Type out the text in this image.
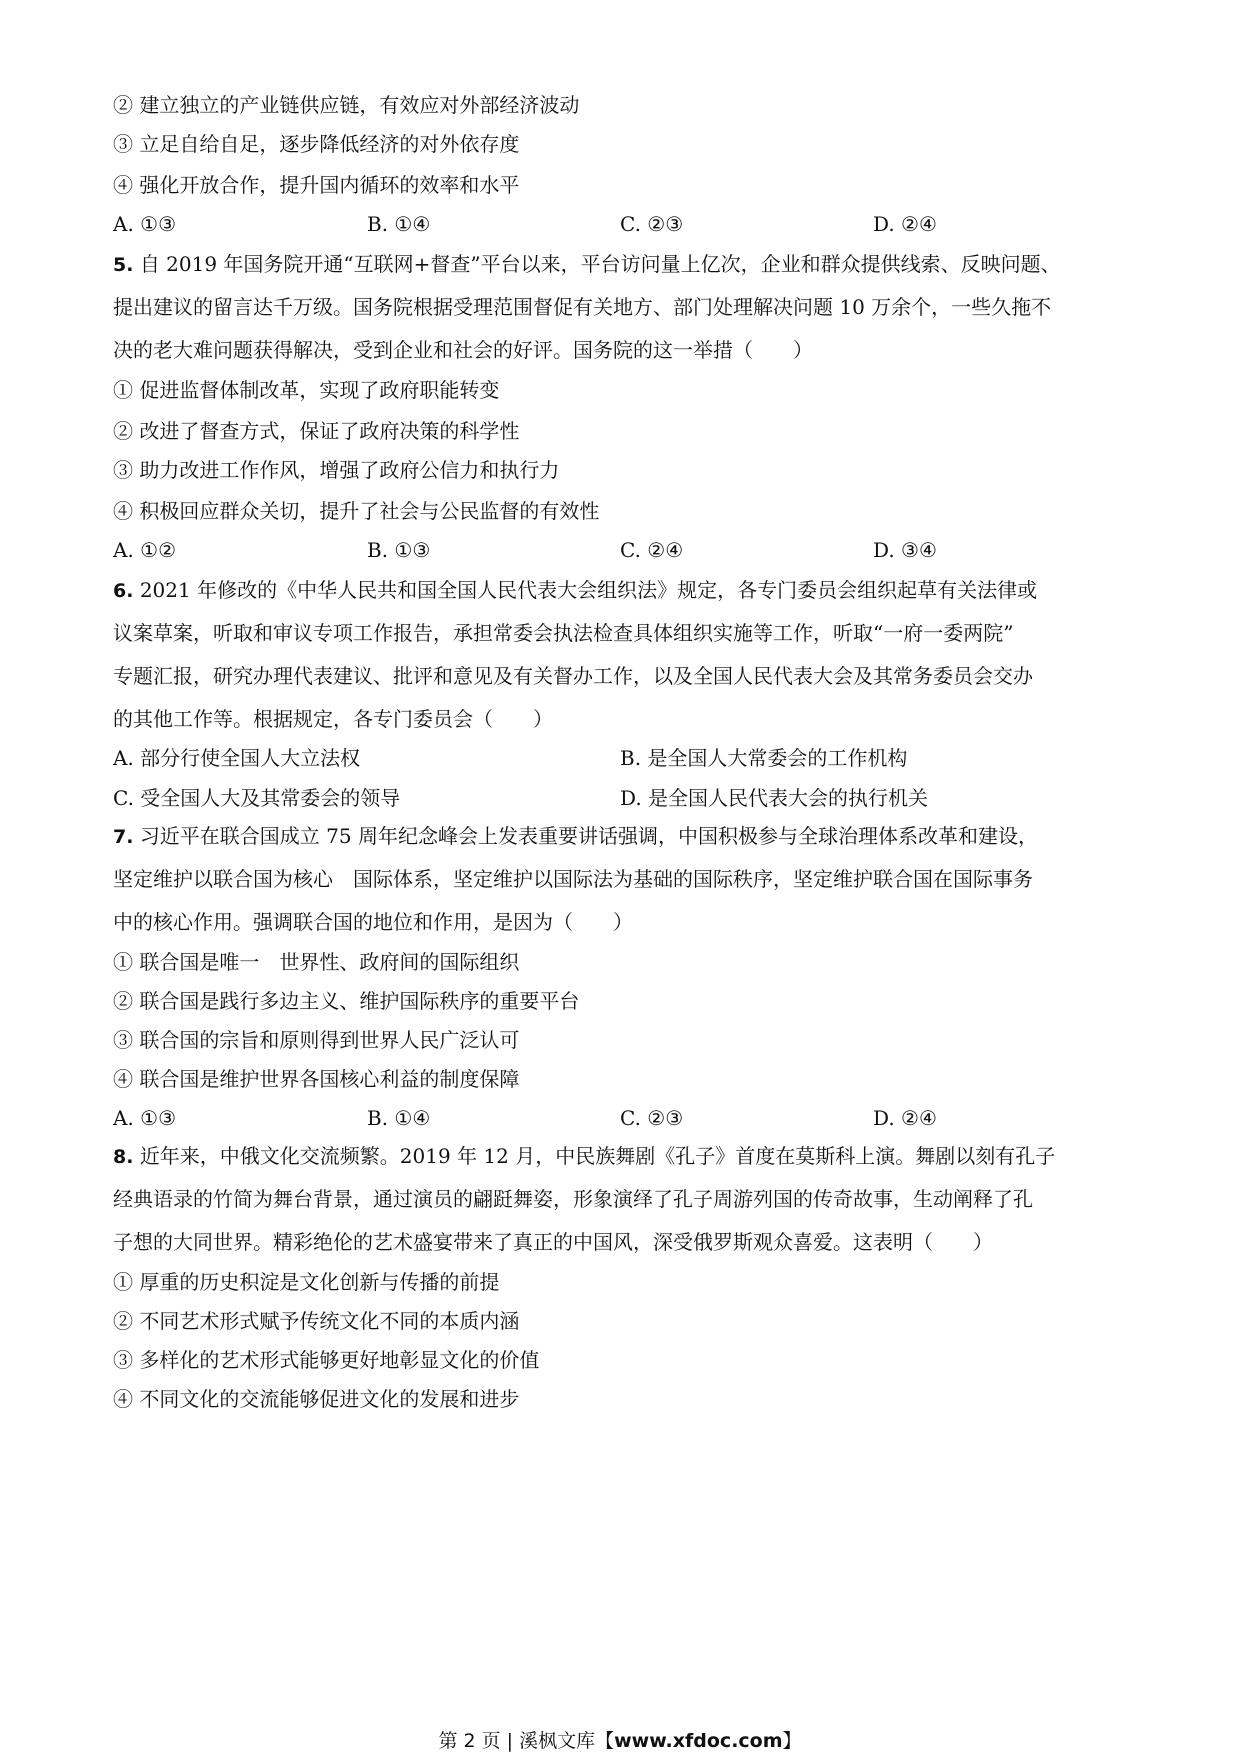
② 建立独立的产业链供应链，有效应对外部经济波动
③ 立足自给自足，逐步降低经济的对外依存度
④ 强化开放合作，提升国内循环的效率和水平
A. ①③	B. ①④	C. ②③	D. ②④
5. 自 2019 年国务院开通“互联网+督查”平台以来，平台访问量上亿次，企业和群众提供线索、反映问题、
提出建议的留言达千万级。国务院根据受理范围督促有关地方、部门处理解决问题 10 万余个，一些久拖不
决的老大难问题获得解决，受到企业和社会的好评。国务院的这一举措（　　）
① 促进监督体制改革，实现了政府职能转变
② 改进了督查方式，保证了政府决策的科学性
③ 助力改进工作作风，增强了政府公信力和执行力
④ 积极回应群众关切，提升了社会与公民监督的有效性
A. ①②	B. ①③	C. ②④	D. ③④
6. 2021 年修改的《中华人民共和国全国人民代表大会组织法》规定，各专门委员会组织起草有关法律或
议案草案，听取和审议专项工作报告，承担常委会执法检查具体组织实施等工作，听取“一府一委两院”
专题汇报，研究办理代表建议、批评和意见及有关督办工作，以及全国人民代表大会及其常务委员会交办
的其他工作等。根据规定，各专门委员会（　　）
A. 部分行使全国人大立法权	B. 是全国人大常委会的工作机构
C. 受全国人大及其常委会的领导	D. 是全国人民代表大会的执行机关
7. 习近平在联合国成立 75 周年纪念峰会上发表重要讲话强调，中国积极参与全球治理体系改革和建设，
坚定维护以联合国为核心　国际体系，坚定维护以国际法为基础的国际秩序，坚定维护联合国在国际事务
中的核心作用。强调联合国的地位和作用，是因为（　　）
① 联合国是唯一　世界性、政府间的国际组织
② 联合国是践行多边主义、维护国际秩序的重要平台
③ 联合国的宗旨和原则得到世界人民广泛认可
④ 联合国是维护世界各国核心利益的制度保障
A. ①③	B. ①④	C. ②③	D. ②④
8. 近年来，中俄文化交流频繁。2019 年 12 月，中民族舞剧《孔子》首度在莫斯科上演。舞剧以刻有孔子
经典语录的竹简为舞台背景，通过演员的翩跹舞姿，形象演绎了孔子周游列国的传奇故事，生动阐释了孔
子想的大同世界。精彩绝伦的艺术盛宴带来了真正的中国风，深受俄罗斯观众喜爱。这表明（　　）
① 厚重的历史积淀是文化创新与传播的前提
② 不同艺术形式赋予传统文化不同的本质内涵
③ 多样化的艺术形式能够更好地彰显文化的价值
④ 不同文化的交流能够促进文化的发展和进步
第 2 页 | 溪枫文库【www.xfdoc.com】
